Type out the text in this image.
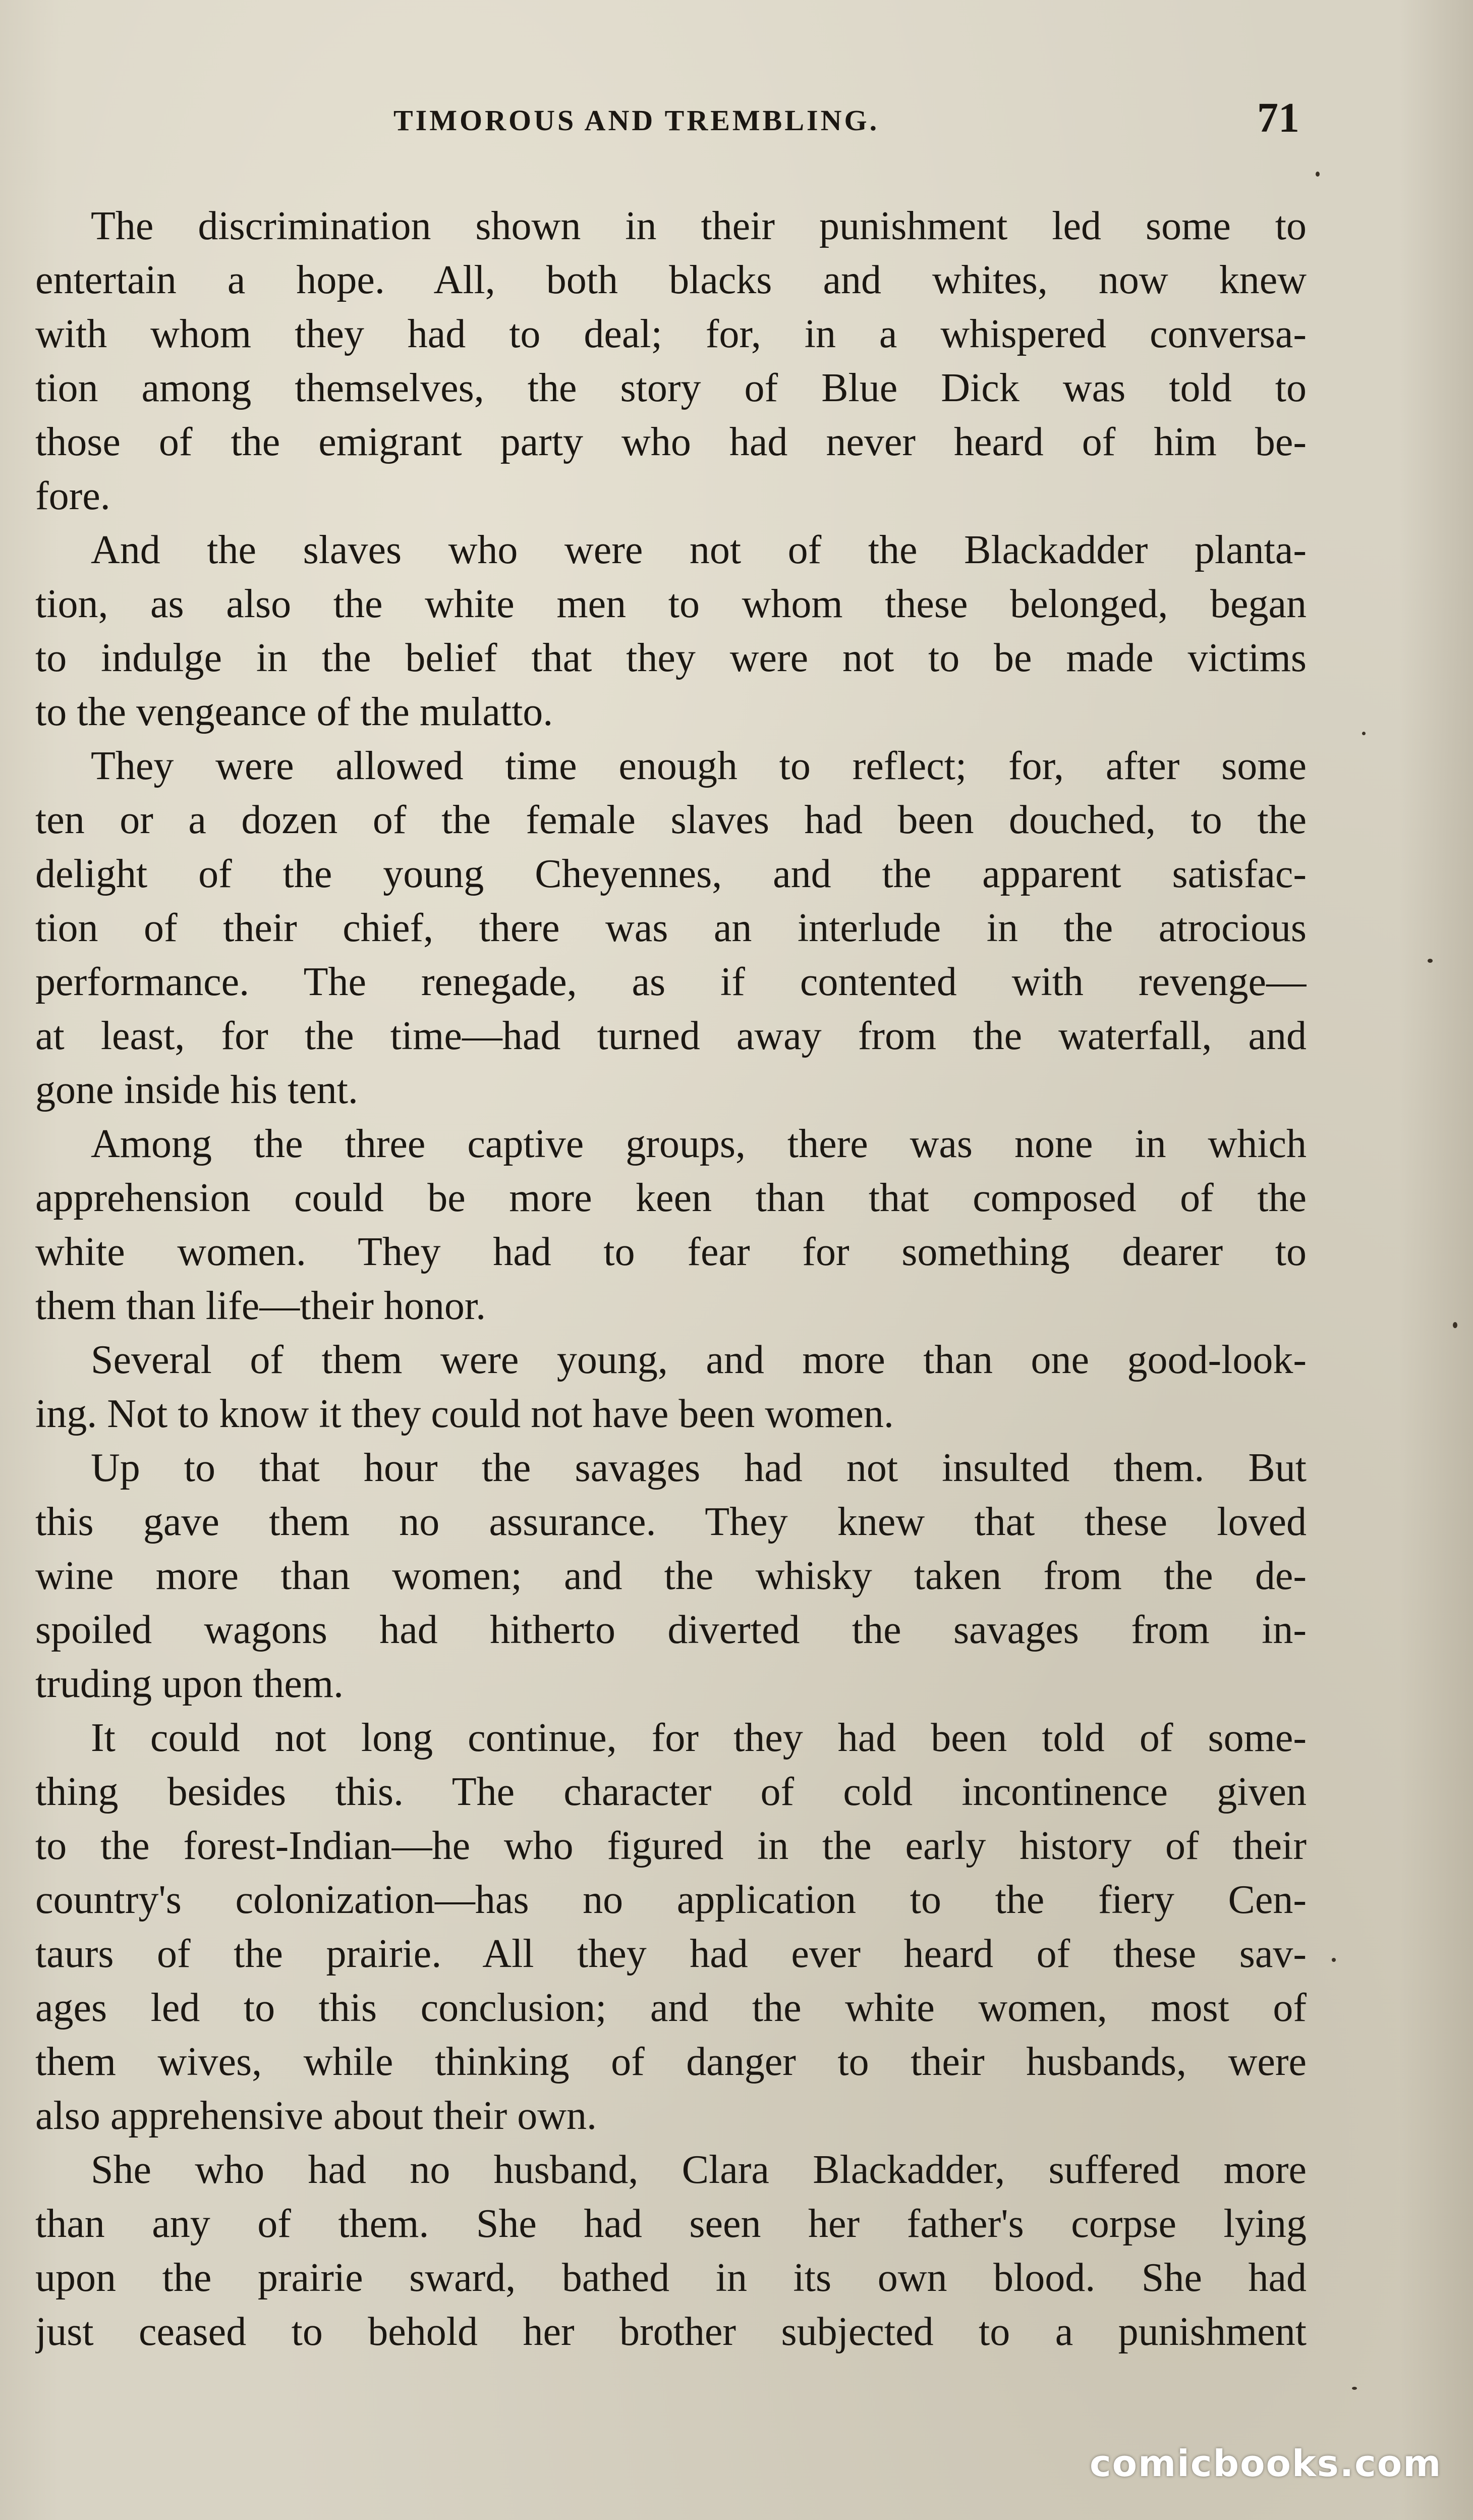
TIMOROUS AND TREMBLING.	71
The discrimination shown in their punishment led some to
entertain a hope. All, both blacks and whites, now knew
with whom they had to deal; for, in a whispered conversa-
tion among themselves, the story of Blue Dick was told to
those of the emigrant party who had never heard of him be-
fore.
And the slaves who were not of the Blackadder planta-
tion, as also the white men to whom these belonged, began
to indulge in the belief that they were not to be made victims
to the vengeance of the mulatto.
They were allowed time enough to reflect; for, after some
ten or a dozen of the female slaves had been douched, to the
delight of the young Cheyennes, and the apparent satisfac-
tion of their chief, there was an interlude in the atrocious
performance. The renegade, as if contented with revenge—
at least, for the time—had turned away from the waterfall, and
gone inside his tent.
Among the three captive groups, there was none in which
apprehension could be more keen than that composed of the
white women. They had to fear for something dearer to
them than life—their honor.
Several of them were young, and more than one good-look-
ing. Not to know it they could not have been women.
Up to that hour the savages had not insulted them. But
this gave them no assurance. They knew that these loved
wine more than women; and the whisky taken from the de-
spoiled wagons had hitherto diverted the savages from in-
truding upon them.
It could not long continue, for they had been told of some-
thing besides this. The character of cold incontinence given
to the forest-Indian—he who figured in the early history of their
country's colonization—has no application to the fiery Cen-
taurs of the prairie. All they had ever heard of these sav-
ages led to this conclusion; and the white women, most of
them wives, while thinking of danger to their husbands, were
also apprehensive about their own.
She who had no husband, Clara Blackadder, suffered more
than any of them. She had seen her father's corpse lying
upon the prairie sward, bathed in its own blood. She had
just ceased to behold her brother subjected to a punishment
comicbooks.com
